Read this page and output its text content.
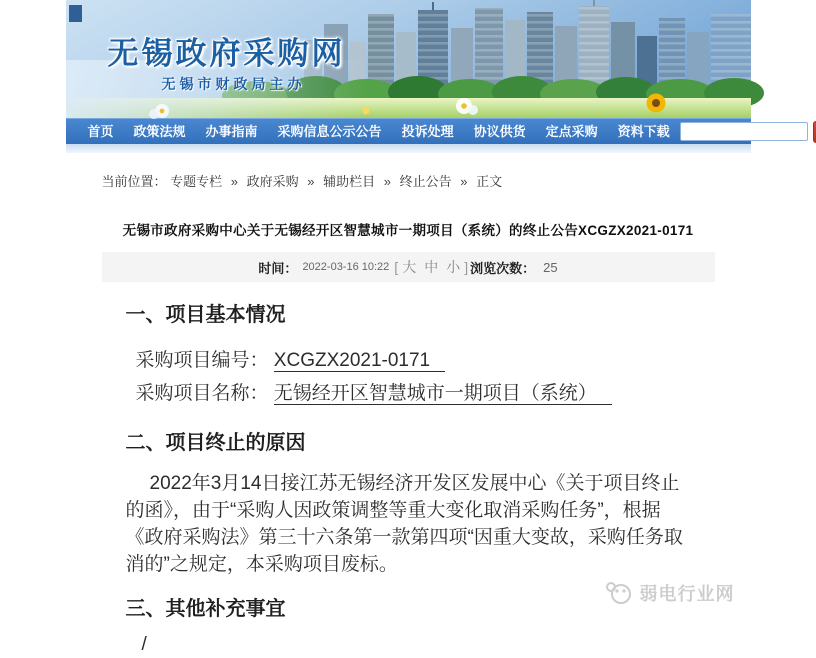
无锡政府采购网
无锡市财政局主办
首页	政策法规	办事指南	采购信息公示公告	投诉处理	协议供货	定点采购	资料下载
当前位置： 专题专栏 » 政府采购 » 辅助栏目 » 终止公告 » 正文
无锡市政府采购中心关于无锡经开区智慧城市一期项目（系统）的终止公告XCGZX2021-0171
时间： 2022-03-16 10:22 [ 大 中 小 ] 浏览次数： 25
一、项目基本情况
采购项目编号： XCGZX2021-0171
采购项目名称： 无锡经开区智慧城市一期项目（系统）
二、项目终止的原因
2022年3月14日接江苏无锡经济开发区发展中心《关于项目终止的函》，由于“采购人因政策调整等重大变化取消采购任务”，根据《政府采购法》第三十六条第一款第四项“因重大变故，采购任务取消的”之规定，本采购项目废标。
三、其他补充事宜
/
弱电行业网
